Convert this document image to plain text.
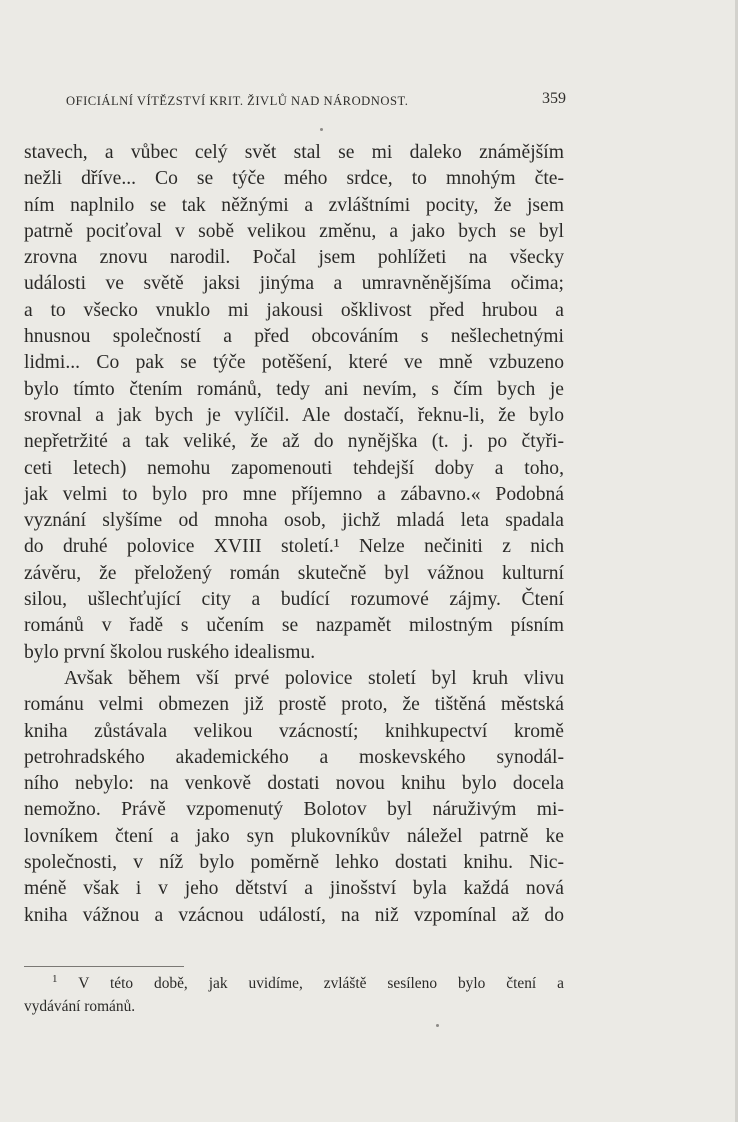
OFICIÁLNÍ VÍTĚZSTVÍ KRIT. ŽIVLŮ NAD NÁRODNOST.	359
stavech, a vůbec celý svět stal se mi daleko známějším
nežli dříve... Co se týče mého srdce, to mnohým čte-
ním naplnilo se tak něžnými a zvláštními pocity, že jsem
patrně pociťoval v sobě velikou změnu, a jako bych se byl
zrovna znovu narodil. Počal jsem pohlížeti na všecky
události ve světě jaksi jinýma a umravněnějšíma očima;
a to všecko vnuklo mi jakousi ošklivost před hrubou a
hnusnou společností a před obcováním s nešlechetnými
lidmi... Co pak se týče potěšení, které ve mně vzbuzeno
bylo tímto čtením románů, tedy ani nevím, s čím bych je
srovnal a jak bych je vylíčil. Ale dostačí, řeknu-li, že bylo
nepřetržité a tak veliké, že až do nynějška (t. j. po čtyři-
ceti letech) nemohu zapomenouti tehdejší doby a toho,
jak velmi to bylo pro mne příjemno a zábavno.« Podobná
vyznání slyšíme od mnoha osob, jichž mladá leta spadala
do druhé polovice XVIII století.¹ Nelze nečiniti z nich
závěru, že přeložený román skutečně byl vážnou kulturní
silou, ušlechťující city a budící rozumové zájmy. Čtení
románů v řadě s učením se nazpamět milostným písním
bylo první školou ruského idealismu.
Avšak během vší prvé polovice století byl kruh vlivu
románu velmi obmezen již prostě proto, že tištěná městská
kniha zůstávala velikou vzácností; knihkupectví kromě
petrohradského akademického a moskevského synodál-
ního nebylo: na venkově dostati novou knihu bylo docela
nemožno. Právě vzpomenutý Bolotov byl náruživým mi-
lovníkem čtení a jako syn plukovníkův náležel patrně ke
společnosti, v níž bylo poměrně lehko dostati knihu. Nic-
méně však i v jeho dětství a jinošství byla každá nová
kniha vážnou a vzácnou událostí, na niž vzpomínal až do
$^1$ V této době, jak uvidíme, zvláště sesíleno bylo čtení a
vydávání románů.
